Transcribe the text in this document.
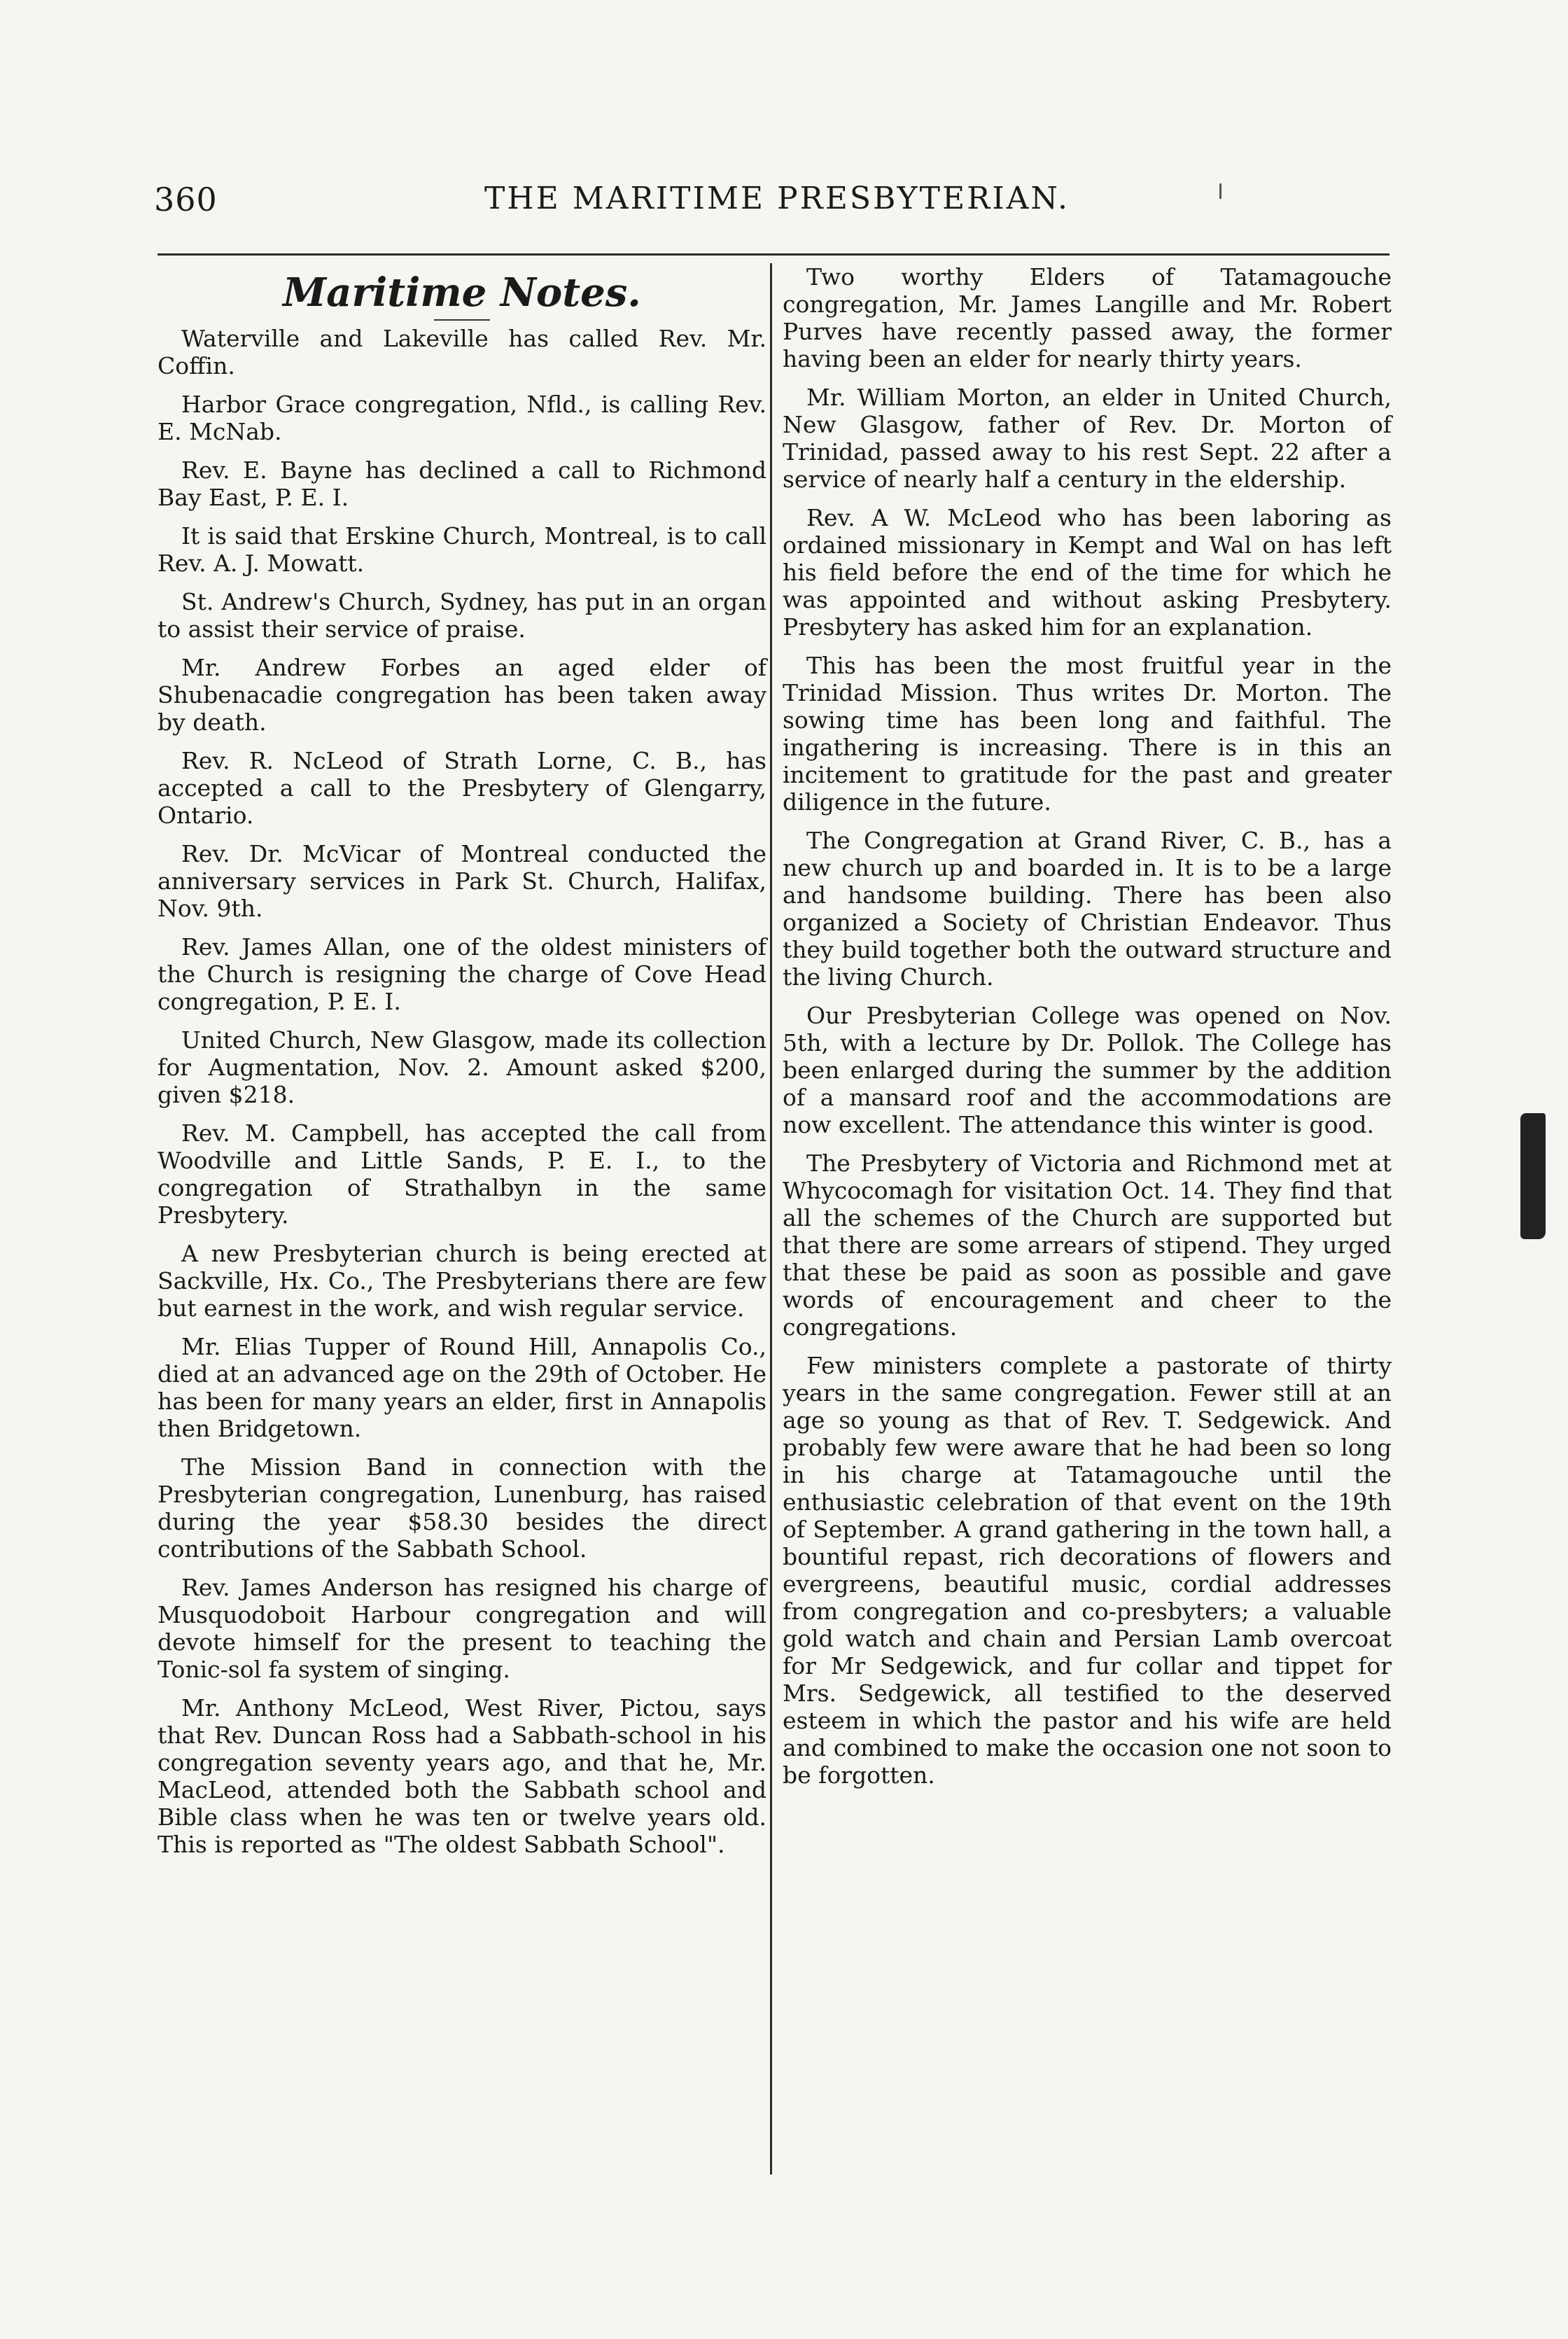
360	THE MARITIME PRESBYTERIAN.
Maritime Notes.

Waterville and Lakeville has called Rev. Mr. Coffin.

Harbor Grace congregation, Nfld., is calling Rev. E. McNab.

Rev. E. Bayne has declined a call to Richmond Bay East, P. E. I.

It is said that Erskine Church, Montreal, is to call Rev. A. J. Mowatt.

St. Andrew's Church, Sydney, has put in an organ to assist their service of praise.

Mr. Andrew Forbes an aged elder of Shubenacadie congregation has been taken away by death.

Rev. R. NcLeod of Strath Lorne, C. B., has accepted a call to the Presbytery of Glengarry, Ontario.

Rev. Dr. McVicar of Montreal conducted the anniversary services in Park St. Church, Halifax, Nov. 9th.

Rev. James Allan, one of the oldest ministers of the Church is resigning the charge of Cove Head congregation, P. E. I.

United Church, New Glasgow, made its collection for Augmentation, Nov. 2. Amount asked $200, given $218.

Rev. M. Campbell, has accepted the call from Woodville and Little Sands, P. E. I., to the congregation of Strathalbyn in the same Presbytery.

A new Presbyterian church is being erected at Sackville, Hx. Co., The Presbyterians there are few but earnest in the work, and wish regular service.

Mr. Elias Tupper of Round Hill, Annapolis Co., died at an advanced age on the 29th of October. He has been for many years an elder, first in Annapolis then Bridgetown.

The Mission Band in connection with the Presbyterian congregation, Lunenburg, has raised during the year $58.30 besides the direct contributions of the Sabbath School.

Rev. James Anderson has resigned his charge of Musquodoboit Harbour congregation and will devote himself for the present to teaching the Tonic-sol fa system of singing.

Mr. Anthony McLeod, West River, Pictou, says that Rev. Duncan Ross had a Sabbath-school in his congregation seventy years ago, and that he, Mr. MacLeod, attended both the Sabbath school and Bible class when he was ten or twelve years old. This is reported as "The oldest Sabbath School".

Two worthy Elders of Tatamagouche congregation, Mr. James Langille and Mr. Robert Purves have recently passed away, the former having been an elder for nearly thirty years.

Mr. William Morton, an elder in United Church, New Glasgow, father of Rev. Dr. Morton of Trinidad, passed away to his rest Sept. 22 after a service of nearly half a century in the eldership.

Rev. A W. McLeod who has been laboring as ordained missionary in Kempt and Wal on has left his field before the end of the time for which he was appointed and without asking Presbytery. Presbytery has asked him for an explanation.

This has been the most fruitful year in the Trinidad Mission. Thus writes Dr. Morton. The sowing time has been long and faithful. The ingathering is increasing. There is in this an incitement to gratitude for the past and greater diligence in the future.

The Congregation at Grand River, C. B., has a new church up and boarded in. It is to be a large and handsome building. There has been also organized a Society of Christian Endeavor. Thus they build together both the outward structure and the living Church.

Our Presbyterian College was opened on Nov. 5th, with a lecture by Dr. Pollok. The College has been enlarged during the summer by the addition of a mansard roof and the accommodations are now excellent. The attendance this winter is good.

The Presbytery of Victoria and Richmond met at Whycocomagh for visitation Oct. 14. They find that all the schemes of the Church are supported but that there are some arrears of stipend. They urged that these be paid as soon as possible and gave words of encouragement and cheer to the congregations.

Few ministers complete a pastorate of thirty years in the same congregation. Fewer still at an age so young as that of Rev. T. Sedgewick. And probably few were aware that he had been so long in his charge at Tatamagouche until the enthusiastic celebration of that event on the 19th of September. A grand gathering in the town hall, a bountiful repast, rich decorations of flowers and evergreens, beautiful music, cordial addresses from congregation and co-presbyters; a valuable gold watch and chain and Persian Lamb overcoat for Mr Sedgewick, and fur collar and tippet for Mrs. Sedgewick, all testified to the deserved esteem in which the pastor and his wife are held and combined to make the occasion one not soon to be forgotten.
